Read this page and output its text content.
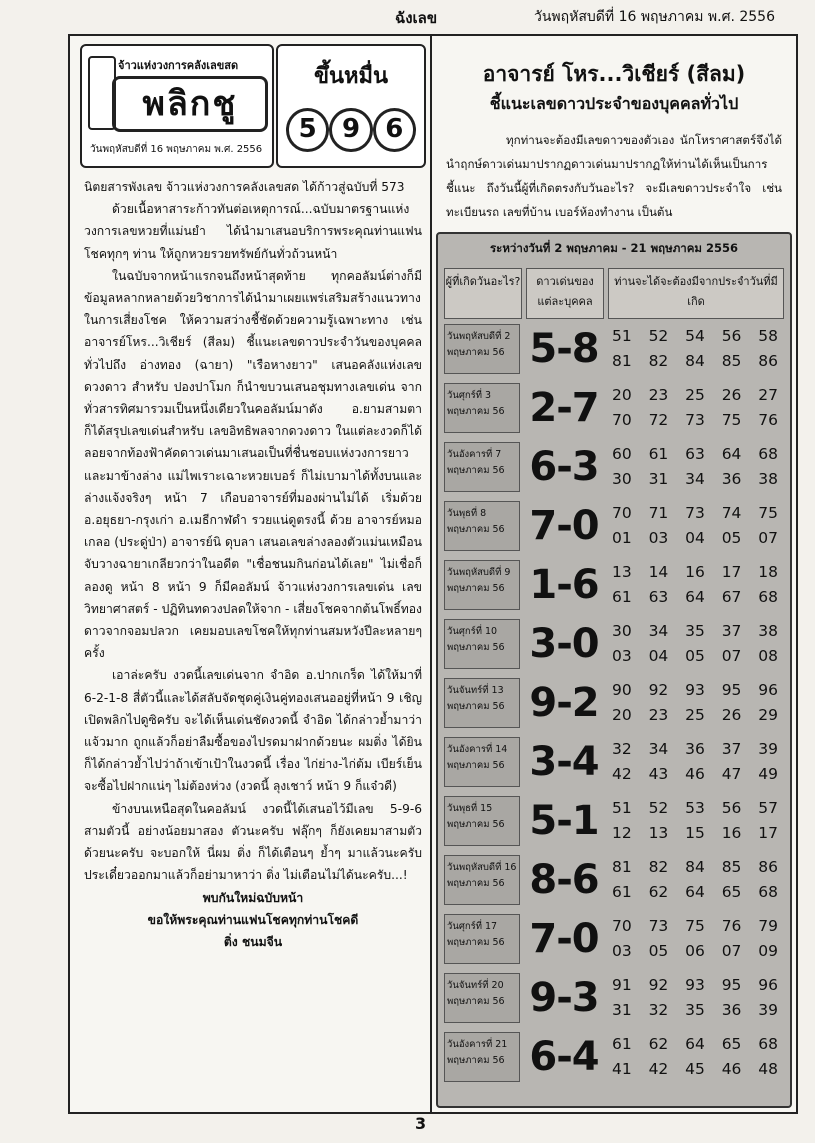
ฉังเลข	วันพฤหัสบดีที่ 16 พฤษภาคม พ.ศ. 2556
จ้าวแห่งวงการคลังเลขสด
พลิกชู
วันพฤหัสบดีที่ 16 พฤษภาคม พ.ศ. 2556
ขึ้นหมื่น
5 9 6

นิตยสารพังเลข จ้าวแห่งวงการคลังเลขสด ได้ก้าวสู่ฉบับที่ 573

ด้วยเนื้อหาสาระก้าวทันต่อเหตุการณ์...ฉบับมาตรฐานแห่งวงการเลขหวยที่แม่นยำ ได้นำมาเสนอบริการพระคุณท่านแฟนโชคทุกๆ ท่าน ให้ถูกหวยรวยทรัพย์กันทั่วถ้วนหน้า

ในฉบับจากหน้าแรกจนถึงหน้าสุดท้าย ทุกคอลัมน์ต่างก็มีข้อมูลหลากหลายด้วยวิชาการได้นำมาเผยแพร่เสริมสร้างแนวทางในการเสี่ยงโชค ให้ความสว่างชี้ชัดด้วยความรู้เฉพาะทาง เช่น อาจารย์โหร...วิเชียร์ (สีลม) ชี้แนะเลขดาวประจำวันของบุคคลทั่วไปถึง อ่างทอง (ฉายา) "เรือหางยาว" เสนอคลังแห่งเลขดวงดาว สำหรับ ปองปาโมก ก็นำขบวนเสนอชุมทางเลขเด่น จากทั่วสารทิศมารวมเป็นหนึ่งเดียวในคอลัมน์มาดัง อ.ยามสามตา ก็ได้สรุปเลขเด่นสำหรับ เลขอิทธิพลจากดวงดาว ในแต่ละงวดก็ได้ลอยจากท้องฟ้าคัดดาวเด่นมาเสนอเป็นที่ชื่นชอบแห่งวงการยาวและมาข้างล่าง แม่ไพเราะเฉาะหวยเบอร์ ก็ไม่เบามาได้ทั้งบนและล่างแจ้งจริงๆ หน้า 7 เกือบอาจารย์ที่มองผ่านไม่ได้ เริ่มด้วย อ.อยุธยา-กรุงเก่า อ.เมธีกาฬดำ รวยแน่ดูตรงนี้ ด้วย อาจารย์หมอเกลอ (ประดู่ป่า) อาจารย์นิ ดุบลา เสนอเลขล่างลองตัวแม่นเหมือนจับวางฉายาเกลียวกว่าในอดีต "เชื่อชนมกินก่อนได้เลย" ไม่เชื่อก็ลองดู หน้า 8 หน้า 9 ก็มีคอลัมน์ จ้าวแห่งวงการเลขเด่น เลขวิทยาศาสตร์ - ปฏิทินทดวงปลดให้จาก - เสี่ยงโชคจากต้นโพธิ์ทองดาวจากจอมปลวก เคยมอบเลขโชคให้ทุกท่านสมหวังปีละหลายๆ ครั้ง

เอาล่ะครับ งวดนี้เลขเด่นจาก จำอิด อ.ปากเกร็ด ได้ให้มาที่ 6-2-1-8 สี่ตัวนี้และได้สลับจัดชุดคู่เงินคู่ทองเสนออยู่ที่หน้า 9 เชิญเปิดพลิกไปดูซิครับ จะได้เห็นเด่นชัดงวดนี้ จำอิด ได้กล่าวย้ำมาว่าแจ้วมาก ถูกแล้วก็อย่าลืมซื้อของไปรดมาฝากด้วยนะ ผมติ่ง ได้ยินก็ได้กล่าวย้ำไปว่าถ้าเข้าเป้าในงวดนี้ เรื่อง ไก่ย่าง-ไก่ต้ม เบียร์เย็น จะซื้อไปฝากแน่ๆ ไม่ต้องห่วง (งวดนี้ ลุงเชาว์ หน้า 9 ก็แจ๋วดี)

ข้างบนเหนือสุดในคอลัมน์ งวดนี้ได้เสนอไว้มีเลข 5-9-6 สามตัวนี้ อย่างน้อยมาสอง ตัวนะครับ ฟลุ๊กๆ ก็ยังเคยมาสามตัวด้วยนะครับ จะบอกให้ นี่ผม ติ่ง ก็ได้เตือนๆ ย้ำๆ มาแล้วนะครับ ประเดี๋ยวออกมาแล้วก็อย่ามาหาว่า ติ่ง ไม่เตือนไม่ได้นะครับ...!

พบกันใหม่ฉบับหน้า

ขอให้พระคุณท่านแฟนโชคทุกท่านโชคดี

ติ่ง ชนมจีน

อาจารย์ โหร...วิเชียร์ (สีลม)
ชี้แนะเลขดาวประจำของบุคคลทั่วไป

ทุกท่านจะต้องมีเลขดาวของตัวเอง นักโหราศาสตร์จึงได้นำฤกษ์ดาวเด่นมาปรากฏดาวเด่นมาปรากฏให้ท่านได้เห็นเป็นการชี้แนะ ถึงวันนี้ผู้ที่เกิดตรงกับวันอะไร? จะมีเลขดาวประจำใจ เช่น ทะเบียนรถ เลขที่บ้าน เบอร์ห้องทำงาน เป็นต้น

ระหว่างวันที่ 2 พฤษภาคม - 21 พฤษภาคม 2556
ผู้ที่เกิดวันอะไร?	ดาวเด่นของแต่ละบุคคล
ท่านจะได้จะต้องมีจากประจำวันที่มีเกิด
วันพฤหัสบดีที่ 2 พฤษภาคม 56 5-8 51 52 54 56 58
81 82 84 85 86
วันศุกร์ที่ 3 พฤษภาคม 56 2-7 20 23 25 26 27
70 72 73 75 76
วันอังคารที่ 7 พฤษภาคม 56 6-3 60 61 63 64 68
30 31 34 36 38
วันพุธที่ 8 พฤษภาคม 56 7-0 70 71 73 74 75
01 03 04 05 07
วันพฤหัสบดีที่ 9 พฤษภาคม 56 1-6 13 14 16 17 18
61 63 64 67 68
วันศุกร์ที่ 10 พฤษภาคม 56 3-0 30 34 35 37 38
03 04 05 07 08
วันจันทร์ที่ 13 พฤษภาคม 56 9-2 90 92 93 95 96
20 23 25 26 29
วันอังคารที่ 14 พฤษภาคม 56 3-4 32 34 36 37 39
42 43 46 47 49
วันพุธที่ 15 พฤษภาคม 56 5-1 51 52 53 56 57
12 13 15 16 17
วันพฤหัสบดีที่ 16 พฤษภาคม 56 8-6 81 82 84 85 86
61 62 64 65 68
วันศุกร์ที่ 17 พฤษภาคม 56 7-0 70 73 75 76 79
03 05 06 07 09
วันจันทร์ที่ 20 พฤษภาคม 56 9-3 91 92 93 95 96
31 32 35 36 39
วันอังคารที่ 21 พฤษภาคม 56 6-4 61 62 64 65 68
41 42 45 46 48
3
